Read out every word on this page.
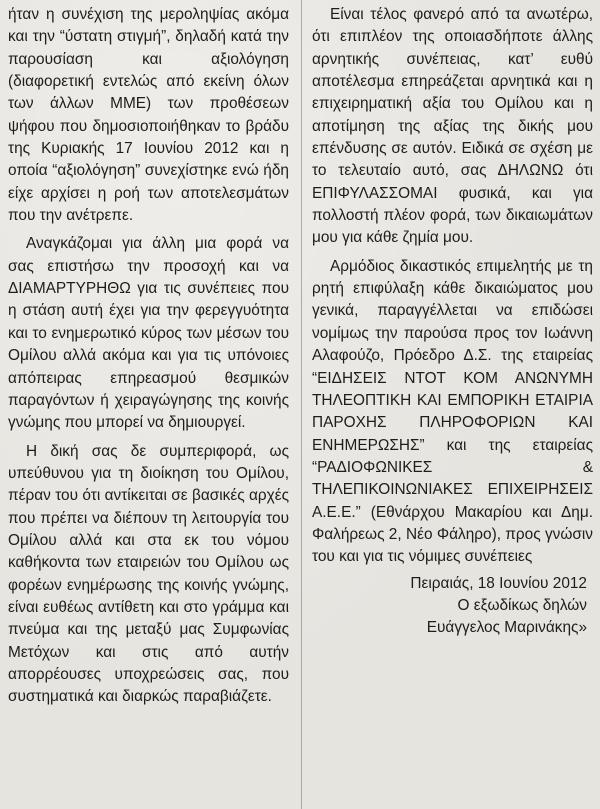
ήταν η συνέχιση της μεροληψίας ακόμα και την “ύστατη στιγμή”, δηλαδή κατά την παρουσίαση και αξιολόγηση (διαφορετική εντελώς από εκείνη όλων των άλλων ΜΜΕ) των προθέσεων ψήφου που δημοσιοποιήθηκαν το βράδυ της Κυριακής 17 Ιουνίου 2012 και η οποία “αξιολόγηση” συνεχίστηκε ενώ ήδη είχε αρχίσει η ροή των αποτελεσμάτων που την ανέτρεπε.

Αναγκάζομαι για άλλη μια φορά να σας επιστήσω την προσοχή και να ΔΙΑΜΑΡΤΥΡΗΘΩ για τις συνέπειες που η στάση αυτή έχει για την φερεγγυότητα και το ενημερωτικό κύρος των μέσων του Ομίλου αλλά ακόμα και για τις υπόνοιες απόπειρας επηρεασμού θεσμικών παραγόντων ή χειραγώγησης της κοινής γνώμης που μπορεί να δημιουργεί.

Η δική σας δε συμπεριφορά, ως υπεύθυνου για τη διοίκηση του Ομίλου, πέραν του ότι αντίκειται σε βασικές αρχές που πρέπει να διέπουν τη λειτουργία του Ομίλου αλλά και στα εκ του νόμου καθήκοντα των εταιρειών του Ομίλου ως φορέων ενημέρωσης της κοινής γνώμης, είναι ευθέως αντίθετη και στο γράμμα και πνεύμα και της μεταξύ μας Συμφωνίας Μετόχων και στις από αυτήν απορρέουσες υποχρεώσεις σας, που συστηματικά και διαρκώς παραβιάζετε.

Είναι τέλος φανερό από τα ανωτέρω, ότι επιπλέον της οποιασδήποτε άλλης αρνητικής συνέπειας, κατ’ ευθύ αποτέλεσμα επηρεάζεται αρνητικά και η επιχειρηματική αξία του Ομίλου και η αποτίμηση της αξίας της δικής μου επένδυσης σε αυτόν. Ειδικά σε σχέση με το τελευταίο αυτό, σας ΔΗΛΩΝΩ ότι ΕΠΙΦΥΛΑΣΣΟΜΑΙ φυσικά, και για πολλοστή πλέον φορά, των δικαιωμάτων μου για κάθε ζημία μου.

Αρμόδιος δικαστικός επιμελητής με τη ρητή επιφύλαξη κάθε δικαιώματος μου γενικά, παραγγέλλεται να επιδώσει νομίμως την παρούσα προς τον Ιωάννη Αλαφούζο, Πρόεδρο Δ.Σ. της εταιρείας “ΕΙΔΗΣΕΙΣ ΝΤΟΤ ΚΟΜ ΑΝΩΝΥΜΗ ΤΗΛΕΟΠΤΙΚΗ ΚΑΙ ΕΜΠΟΡΙΚΗ ΕΤΑΙΡΙΑ ΠΑΡΟΧΗΣ ΠΛΗΡΟΦΟΡΙΩΝ ΚΑΙ ΕΝΗΜΕΡΩΣΗΣ” και της εταιρείας “ΡΑΔΙΟΦΩΝΙΚΕΣ & ΤΗΛΕΠΙΚΟΙΝΩΝΙΑΚΕΣ ΕΠΙΧΕΙΡΗΣΕΙΣ Α.Ε.Ε.” (Εθνάρχου Μακαρίου και Δημ. Φαλήρεως 2, Νέο Φάληρο), προς γνώσιν του και για τις νόμιμες συνέπειες

Πειραιάς, 18 Ιουνίου 2012

Ο εξωδίκως δηλών

Ευάγγελος Μαρινάκης»
